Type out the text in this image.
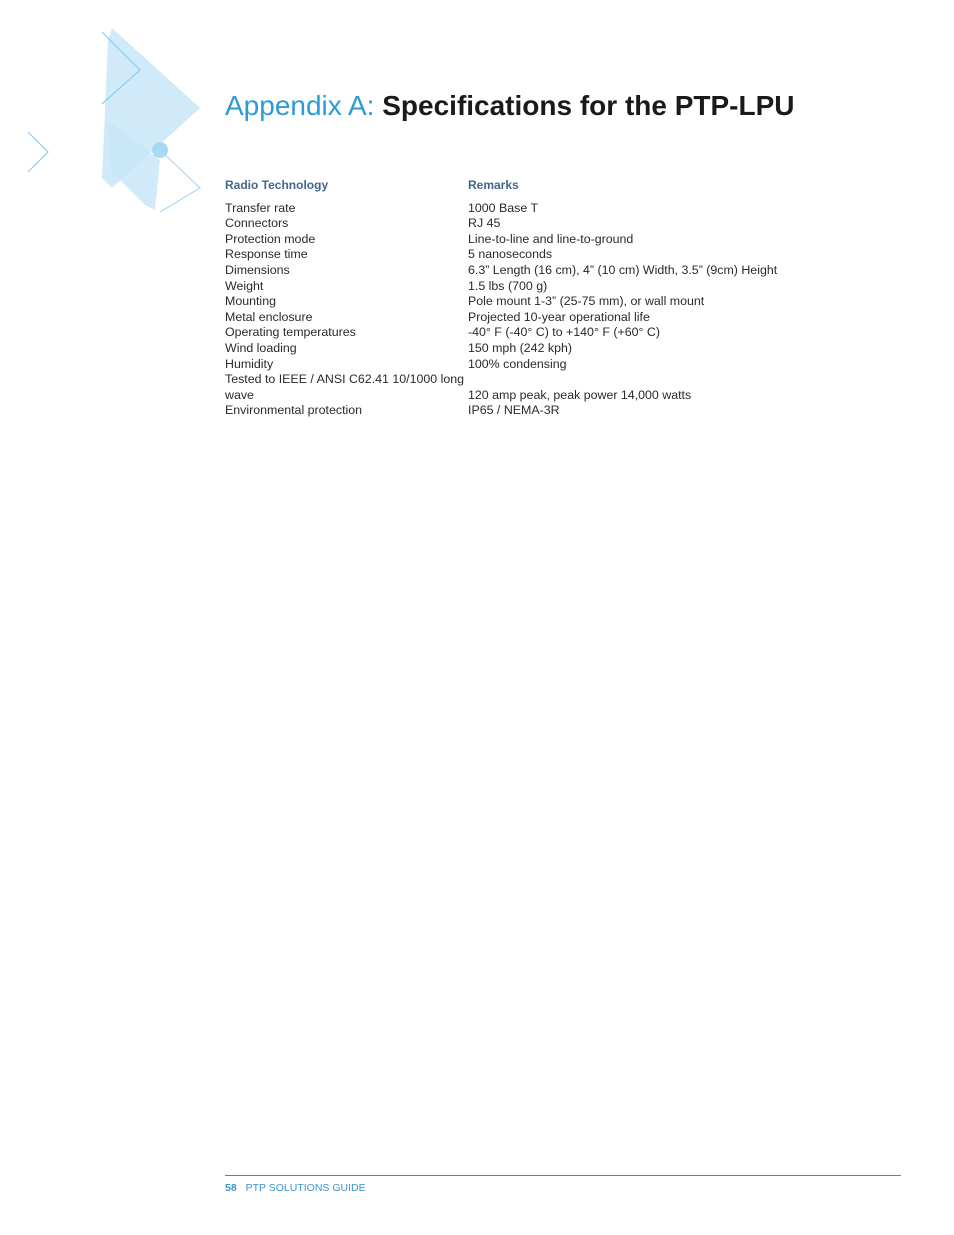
Appendix A: Specifications for the PTP-LPU
Radio Technology	Remarks
Transfer rate	1000 Base T
Connectors	RJ 45
Protection mode	Line-to-line and line-to-ground
Response time	5 nanoseconds
Dimensions	6.3” Length (16 cm), 4” (10 cm) Width, 3.5” (9cm) Height
Weight	1.5 lbs (700 g)
Mounting	Pole mount 1-3” (25-75 mm), or wall mount
Metal enclosure	Projected 10-year operational life
Operating temperatures	-40° F (-40° C) to +140° F (+60° C)
Wind loading	150 mph (242 kph)
Humidity	100% condensing
Tested to IEEE / ANSI C62.41 10/1000 long wave	120 amp peak, peak power 14,000 watts
Environmental protection	IP65 / NEMA-3R
58 PTP SOLUTIONS GUIDE
